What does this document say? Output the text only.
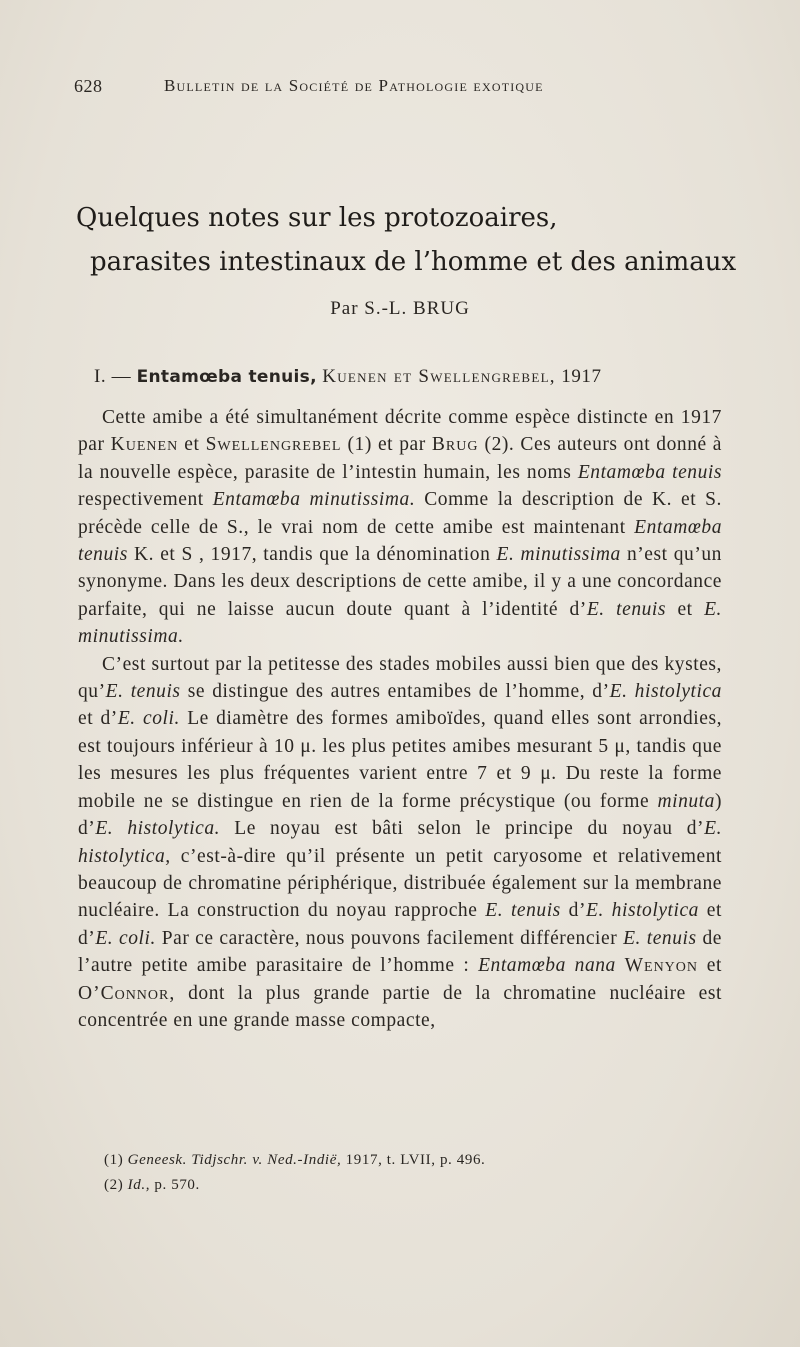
628	Bulletin de la Société de Pathologie exotique
Quelques notes sur les protozoaires,
parasites intestinaux de l’homme et des animaux
Par S.-L. BRUG
I. — Entamœba tenuis, Kuenen et Swellengrebel, 1917

Cette amibe a été simultanément décrite comme espèce distincte en 1917 par Kuenen et Swellengrebel (1) et par Brug (2). Ces auteurs ont donné à la nouvelle espèce, parasite de l’intestin humain, les noms Entamœba tenuis respectivement Entamœba minutissima. Comme la description de K. et S. précède celle de S., le vrai nom de cette amibe est maintenant Entamœba tenuis K. et S , 1917, tandis que la dénomination E. minutissima n’est qu’un synonyme. Dans les deux descriptions de cette amibe, il y a une concordance parfaite, qui ne laisse aucun doute quant à l’identité d’E. tenuis et E. minutissima.

C’est surtout par la petitesse des stades mobiles aussi bien que des kystes, qu’E. tenuis se distingue des autres entamibes de l’homme, d’E. histolytica et d’E. coli. Le diamètre des formes amiboïdes, quand elles sont arrondies, est toujours inférieur à 10 μ. les plus petites amibes mesurant 5 μ, tandis que les mesures les plus fréquentes varient entre 7 et 9 μ. Du reste la forme mobile ne se distingue en rien de la forme précystique (ou forme minuta) d’E. histolytica. Le noyau est bâti selon le principe du noyau d’E. histolytica, c’est-à-dire qu’il présente un petit caryosome et relativement beaucoup de chromatine périphérique, distribuée également sur la membrane nucléaire. La construction du noyau rapproche E. tenuis d’E. histolytica et d’E. coli. Par ce caractère, nous pouvons facilement différencier E. tenuis de l’autre petite amibe parasitaire de l’homme : Entamœba nana Wenyon et O’Connor, dont la plus grande partie de la chromatine nucléaire est concentrée en une grande masse compacte,

(1) Geneesk. Tidjschr. v. Ned.-Indië, 1917, t. LVII, p. 496.
(2) Id., p. 570.
